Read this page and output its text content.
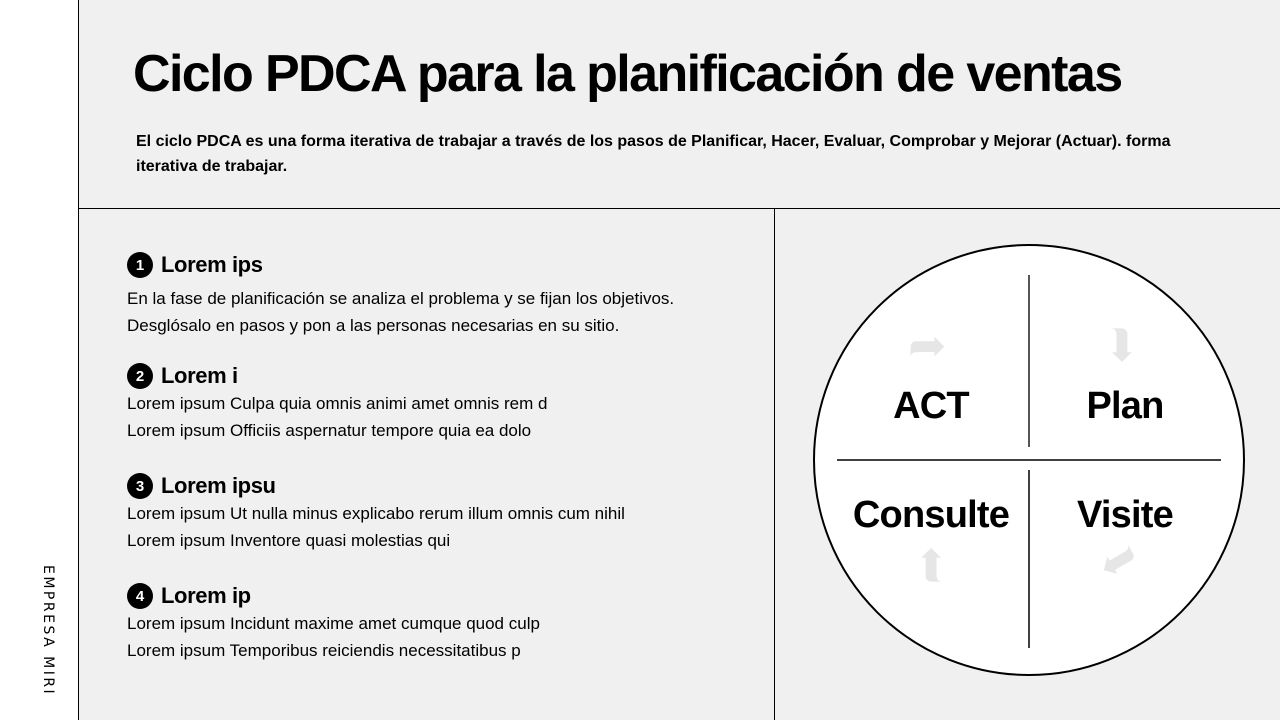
EMPRESA MIRI
Ciclo PDCA para la planificación de ventas
El ciclo PDCA es una forma iterativa de trabajar a través de los pasos de Planificar, Hacer, Evaluar, Comprobar y Mejorar (Actuar). forma iterativa de trabajar.
1 Lorem ips
En la fase de planificación se analiza el problema y se fijan los objetivos.
Desglósalo en pasos y pon a las personas necesarias en su sitio.
2 Lorem i
Lorem ipsum Culpa quia omnis animi amet omnis rem d
Lorem ipsum Officiis aspernatur tempore quia ea dolo
3 Lorem ipsu
Lorem ipsum Ut nulla minus explicabo rerum illum omnis cum nihil
Lorem ipsum Inventore quasi molestias qui
4 Lorem ip
Lorem ipsum Incidunt maxime amet cumque quod culp
Lorem ipsum Temporibus reiciendis necessitatibus p
➦	➦
➦	➦
ACT	Plan
Consulte Visite
